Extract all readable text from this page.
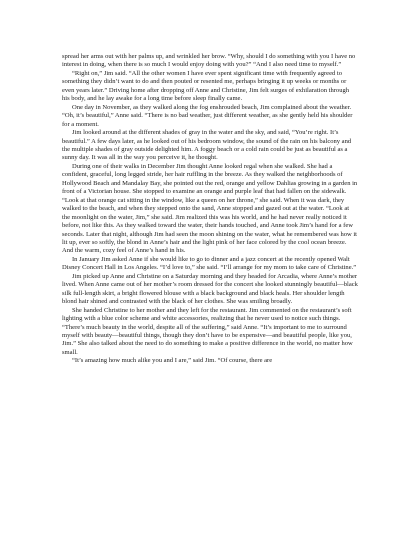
spread her arms out with her palms up, and wrinkled her brow. “Why, should I do something with you I have no interest in doing, when there is so much I would enjoy doing with you?” “And I also need time to myself.”

“Right on,” Jim said. “All the other women I have ever spent significant time with frequently agreed to something they didn’t want to do and then pouted or resented me, perhaps bringing it up weeks or months or even years later.” Driving home after dropping off Anne and Christine, Jim felt surges of exhilaration through his body, and he lay awake for a long time before sleep finally came.

One day in November, as they walked along the fog enshrouded beach, Jim complained about the weather. “Oh, it’s beautiful,” Anne said. “There is no bad weather, just different weather, as she gently held his shoulder for a moment.

Jim looked around at the different shades of gray in the water and the sky, and said, “You’re right. It’s beautiful.” A few days later, as he looked out of his bedroom window, the sound of the rain on his balcony and the multiple shades of gray outside delighted him. A foggy beach or a cold rain could be just as beautiful as a sunny day. It was all in the way you perceive it, he thought.

During one of their walks in December Jim thought Anne looked regal when she walked. She had a confident, graceful, long legged stride, her hair ruffling in the breeze. As they walked the neighborhoods of Hollywood Beach and Mandalay Bay, she pointed out the red, orange and yellow Dahlias growing in a garden in front of a Victorian house. She stopped to examine an orange and purple leaf that had fallen on the sidewalk. “Look at that orange cat sitting in the window, like a queen on her throne,” she said. When it was dark, they walked to the beach, and when they stepped onto the sand, Anne stopped and gazed out at the water. “Look at the moonlight on the water, Jim,” she said. Jim realized this was his world, and he had never really noticed it before, not like this. As they walked toward the water, their hands touched, and Anne took Jim’s hand for a few seconds. Later that night, although Jim had seen the moon shining on the water, what he remembered was how it lit up, ever so softly, the blond in Anne’s hair and the light pink of her face colored by the cool ocean breeze. And the warm, cozy feel of Anne’s hand in his.

In January Jim asked Anne if she would like to go to dinner and a jazz concert at the recently opened Walt Disney Concert Hall in Los Angeles. “I’d love to,” she said. “I’ll arrange for my mom to take care of Christine.”

Jim picked up Anne and Christine on a Saturday morning and they headed for Arcadia, where Anne’s mother lived. When Anne came out of her mother’s room dressed for the concert she looked stunningly beautiful—black silk full-length skirt, a bright flowered blouse with a black background and black heals. Her shoulder length blond hair shined and contrasted with the black of her clothes. She was smiling broadly.

She handed Christine to her mother and they left for the restaurant. Jim commented on the restaurant’s soft lighting with a blue color scheme and white accessories, realizing that he never used to notice such things. “There’s much beauty in the world, despite all of the suffering,” said Anne. “It’s important to me to surround myself with beauty—beautiful things, though they don’t have to be expensive—and beautiful people, like you, Jim.” She also talked about the need to do something to make a positive difference in the world, no matter how small.

“It’s amazing how much alike you and I are,” said Jim. “Of course, there are
